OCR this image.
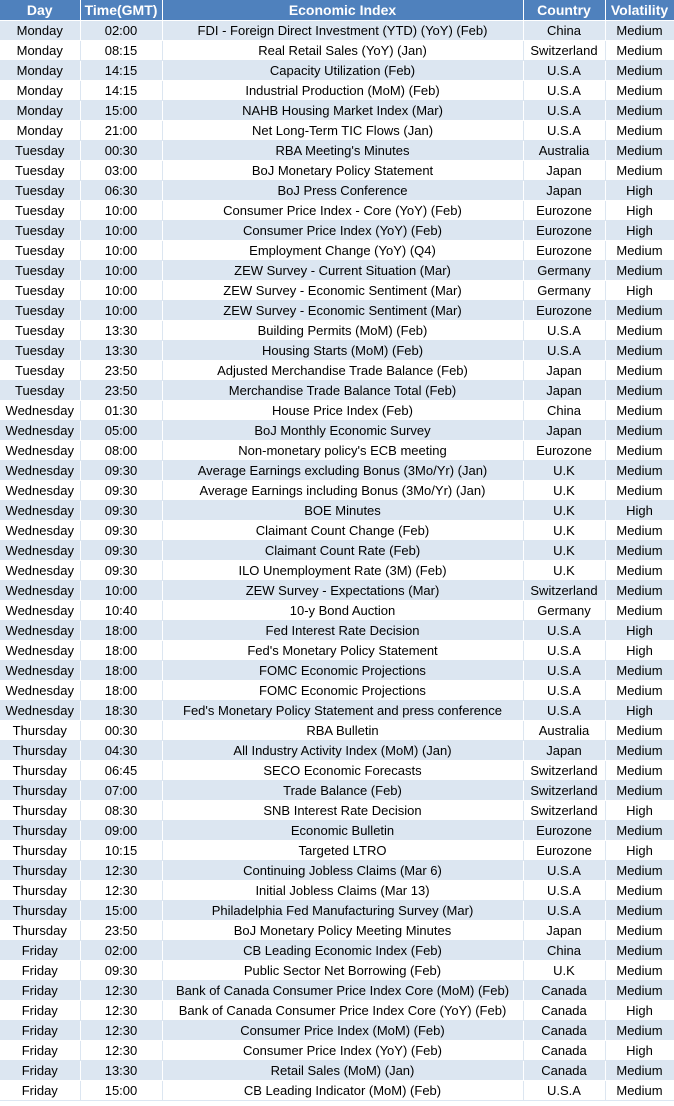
Day	Time(GMT)	Economic Index	Country	Volatility
Monday	02:00	FDI - Foreign Direct Investment (YTD) (YoY) (Feb)	China	Medium
Monday	08:15	Real Retail Sales (YoY) (Jan)	Switzerland	Medium
Monday	14:15	Capacity Utilization (Feb)	U.S.A	Medium
Monday	14:15	Industrial Production (MoM) (Feb)	U.S.A	Medium
Monday	15:00	NAHB Housing Market Index (Mar)	U.S.A	Medium
Monday	21:00	Net Long-Term TIC Flows (Jan)	U.S.A	Medium
Tuesday	00:30	RBA Meeting's Minutes	Australia	Medium
Tuesday	03:00	BoJ Monetary Policy Statement	Japan	Medium
Tuesday	06:30	BoJ Press Conference	Japan	High
Tuesday	10:00	Consumer Price Index - Core (YoY) (Feb)	Eurozone	High
Tuesday	10:00	Consumer Price Index (YoY) (Feb)	Eurozone	High
Tuesday	10:00	Employment Change (YoY) (Q4)	Eurozone	Medium
Tuesday	10:00	ZEW Survey - Current Situation (Mar)	Germany	Medium
Tuesday	10:00	ZEW Survey - Economic Sentiment (Mar)	Germany	High
Tuesday	10:00	ZEW Survey - Economic Sentiment (Mar)	Eurozone	Medium
Tuesday	13:30	Building Permits (MoM) (Feb)	U.S.A	Medium
Tuesday	13:30	Housing Starts (MoM) (Feb)	U.S.A	Medium
Tuesday	23:50	Adjusted Merchandise Trade Balance (Feb)	Japan	Medium
Tuesday	23:50	Merchandise Trade Balance Total (Feb)	Japan	Medium
Wednesday	01:30	House Price Index (Feb)	China	Medium
Wednesday	05:00	BoJ Monthly Economic Survey	Japan	Medium
Wednesday	08:00	Non-monetary policy's ECB meeting	Eurozone	Medium
Wednesday	09:30	Average Earnings excluding Bonus (3Mo/Yr) (Jan)	U.K	Medium
Wednesday	09:30	Average Earnings including Bonus (3Mo/Yr) (Jan)	U.K	Medium
Wednesday	09:30	BOE Minutes	U.K	High
Wednesday	09:30	Claimant Count Change (Feb)	U.K	Medium
Wednesday	09:30	Claimant Count Rate (Feb)	U.K	Medium
Wednesday	09:30	ILO Unemployment Rate (3M) (Feb)	U.K	Medium
Wednesday	10:00	ZEW Survey - Expectations (Mar)	Switzerland	Medium
Wednesday	10:40	10-y Bond Auction	Germany	Medium
Wednesday	18:00	Fed Interest Rate Decision	U.S.A	High
Wednesday	18:00	Fed's Monetary Policy Statement	U.S.A	High
Wednesday	18:00	FOMC Economic Projections	U.S.A	Medium
Wednesday	18:00	FOMC Economic Projections	U.S.A	Medium
Wednesday	18:30	Fed's Monetary Policy Statement and press conference	U.S.A	High
Thursday	00:30	RBA Bulletin	Australia	Medium
Thursday	04:30	All Industry Activity Index (MoM) (Jan)	Japan	Medium
Thursday	06:45	SECO Economic Forecasts	Switzerland	Medium
Thursday	07:00	Trade Balance (Feb)	Switzerland	Medium
Thursday	08:30	SNB Interest Rate Decision	Switzerland	High
Thursday	09:00	Economic Bulletin	Eurozone	Medium
Thursday	10:15	Targeted LTRO	Eurozone	High
Thursday	12:30	Continuing Jobless Claims (Mar 6)	U.S.A	Medium
Thursday	12:30	Initial Jobless Claims (Mar 13)	U.S.A	Medium
Thursday	15:00	Philadelphia Fed Manufacturing Survey (Mar)	U.S.A	Medium
Thursday	23:50	BoJ Monetary Policy Meeting Minutes	Japan	Medium
Friday	02:00	CB Leading Economic Index (Feb)	China	Medium
Friday	09:30	Public Sector Net Borrowing (Feb)	U.K	Medium
Friday	12:30	Bank of Canada Consumer Price Index Core (MoM) (Feb)	Canada	Medium
Friday	12:30	Bank of Canada Consumer Price Index Core (YoY) (Feb)	Canada	High
Friday	12:30	Consumer Price Index (MoM) (Feb)	Canada	Medium
Friday	12:30	Consumer Price Index (YoY) (Feb)	Canada	High
Friday	13:30	Retail Sales (MoM) (Jan)	Canada	Medium
Friday	15:00	CB Leading Indicator (MoM) (Feb)	U.S.A	Medium
